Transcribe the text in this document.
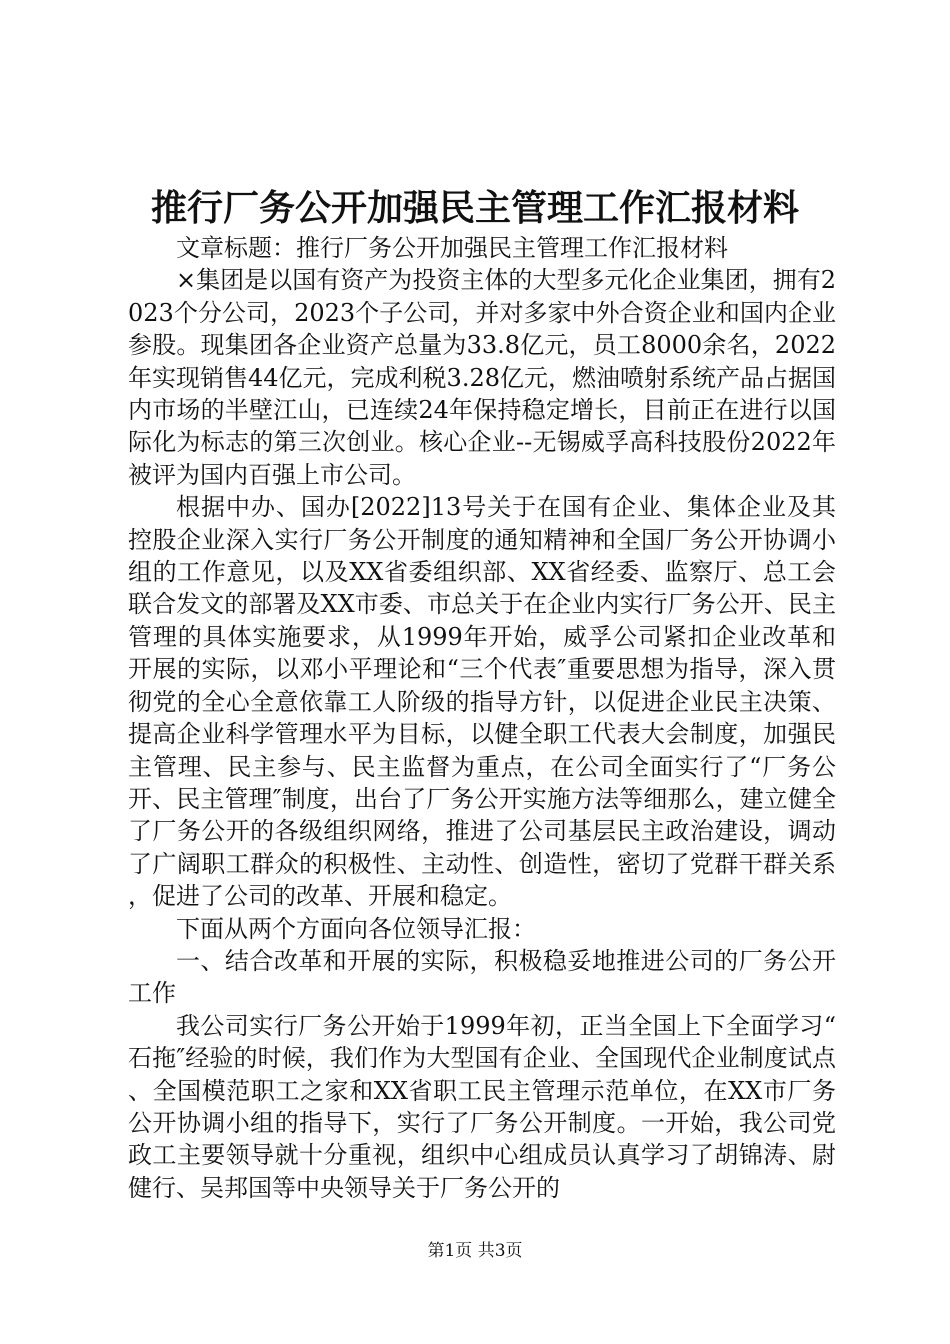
推行厂务公开加强民主管理工作汇报材料

文章标题：推行厂务公开加强民主管理工作汇报材料

×集团是以国有资产为投资主体的大型多元化企业集团，拥有2023个分公司，2023个子公司，并对多家中外合资企业和国内企业参股。现集团各企业资产总量为33.8亿元，员工8000余名，2022年实现销售44亿元，完成利税3.28亿元，燃油喷射系统产品占据国内市场的半壁江山，已连续24年保持稳定增长，目前正在进行以国际化为标志的第三次创业。核心企业--无锡威孚高科技股份2022年被评为国内百强上市公司。

根据中办、国办[2022]13号关于在国有企业、集体企业及其控股企业深入实行厂务公开制度的通知精神和全国厂务公开协调小组的工作意见，以及XX省委组织部、XX省经委、监察厅、总工会联合发文的部署及XX市委、市总关于在企业内实行厂务公开、民主管理的具体实施要求，从1999年开始，威孚公司紧扣企业改革和开展的实际，以邓小平理论和“三个代表″重要思想为指导，深入贯彻党的全心全意依靠工人阶级的指导方针，以促进企业民主决策、提高企业科学管理水平为目标，以健全职工代表大会制度，加强民主管理、民主参与、民主监督为重点，在公司全面实行了“厂务公开、民主管理″制度，出台了厂务公开实施方法等细那么，建立健全了厂务公开的各级组织网络，推进了公司基层民主政治建设，调动了广阔职工群众的积极性、主动性、创造性，密切了党群干群关系，促进了公司的改革、开展和稳定。

下面从两个方面向各位领导汇报：

一、结合改革和开展的实际，积极稳妥地推进公司的厂务公开工作

我公司实行厂务公开始于1999年初，正当全国上下全面学习“石拖″经验的时候，我们作为大型国有企业、全国现代企业制度试点、全国模范职工之家和XX省职工民主管理示范单位，在XX市厂务公开协调小组的指导下，实行了厂务公开制度。一开始，我公司党政工主要领导就十分重视，组织中心组成员认真学习了胡锦涛、尉健行、吴邦国等中央领导关于厂务公开的

第1页 共3页
